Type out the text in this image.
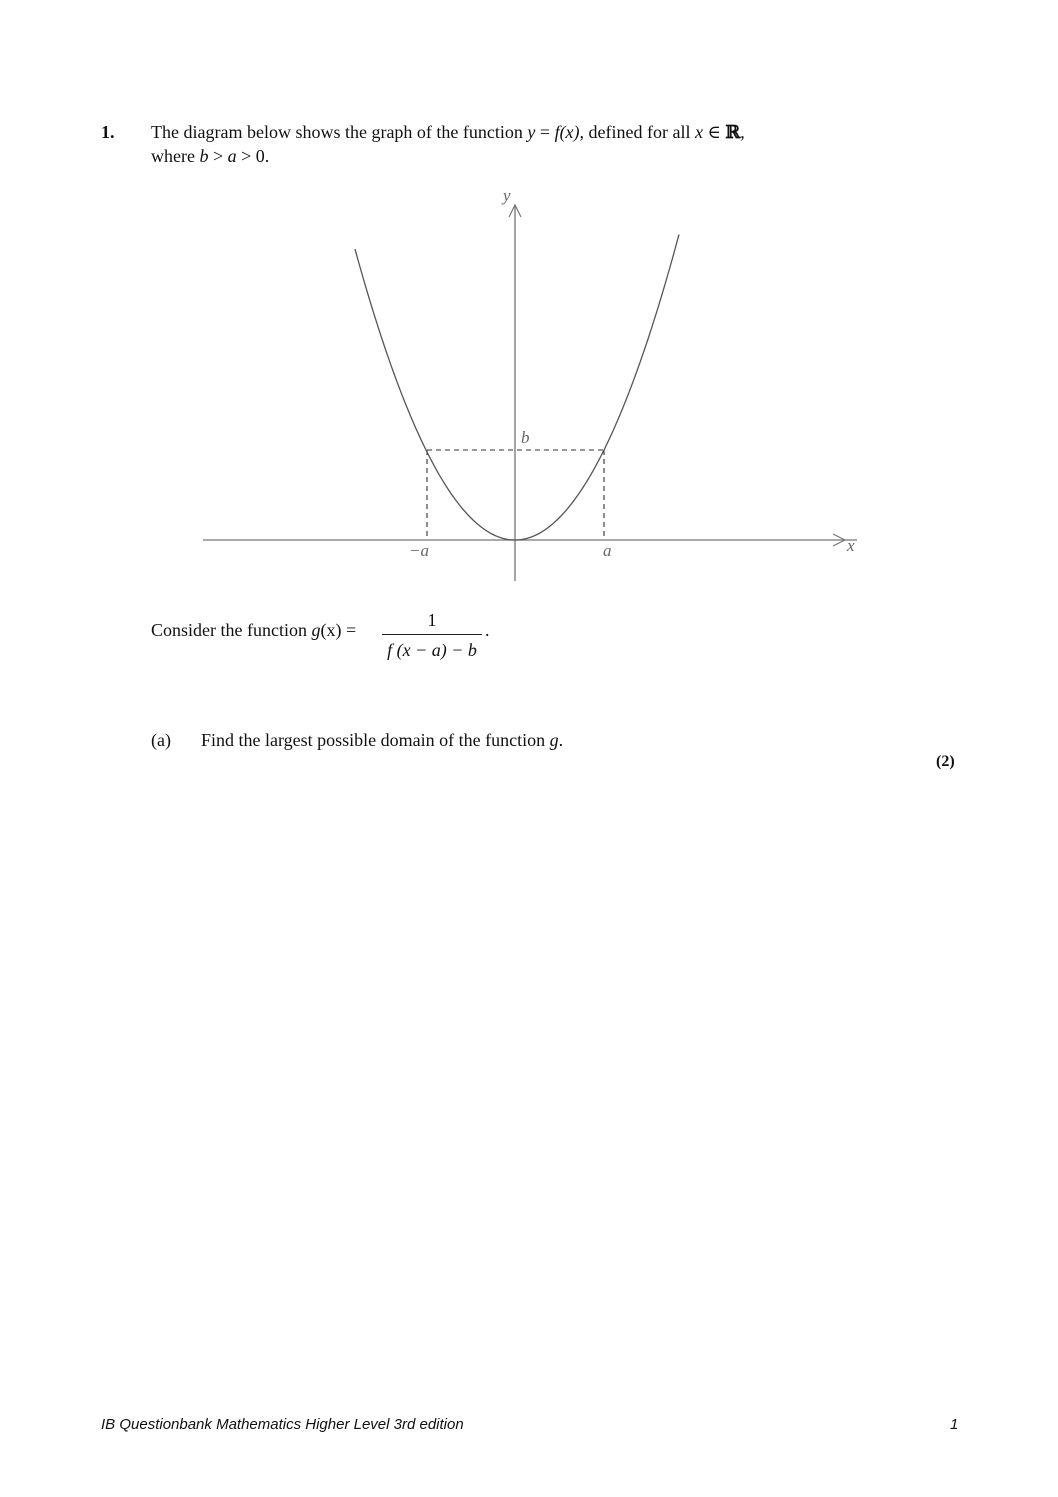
1. The diagram below shows the graph of the function y = f(x), defined for all x ∈ ℝ,
where b > a > 0.
y
x
b
−a	a
Consider the function g(x) =	1
f (x − a) − b
.
(a) Find the largest possible domain of the function g.
(2)
IB Questionbank Mathematics Higher Level 3rd edition	1
